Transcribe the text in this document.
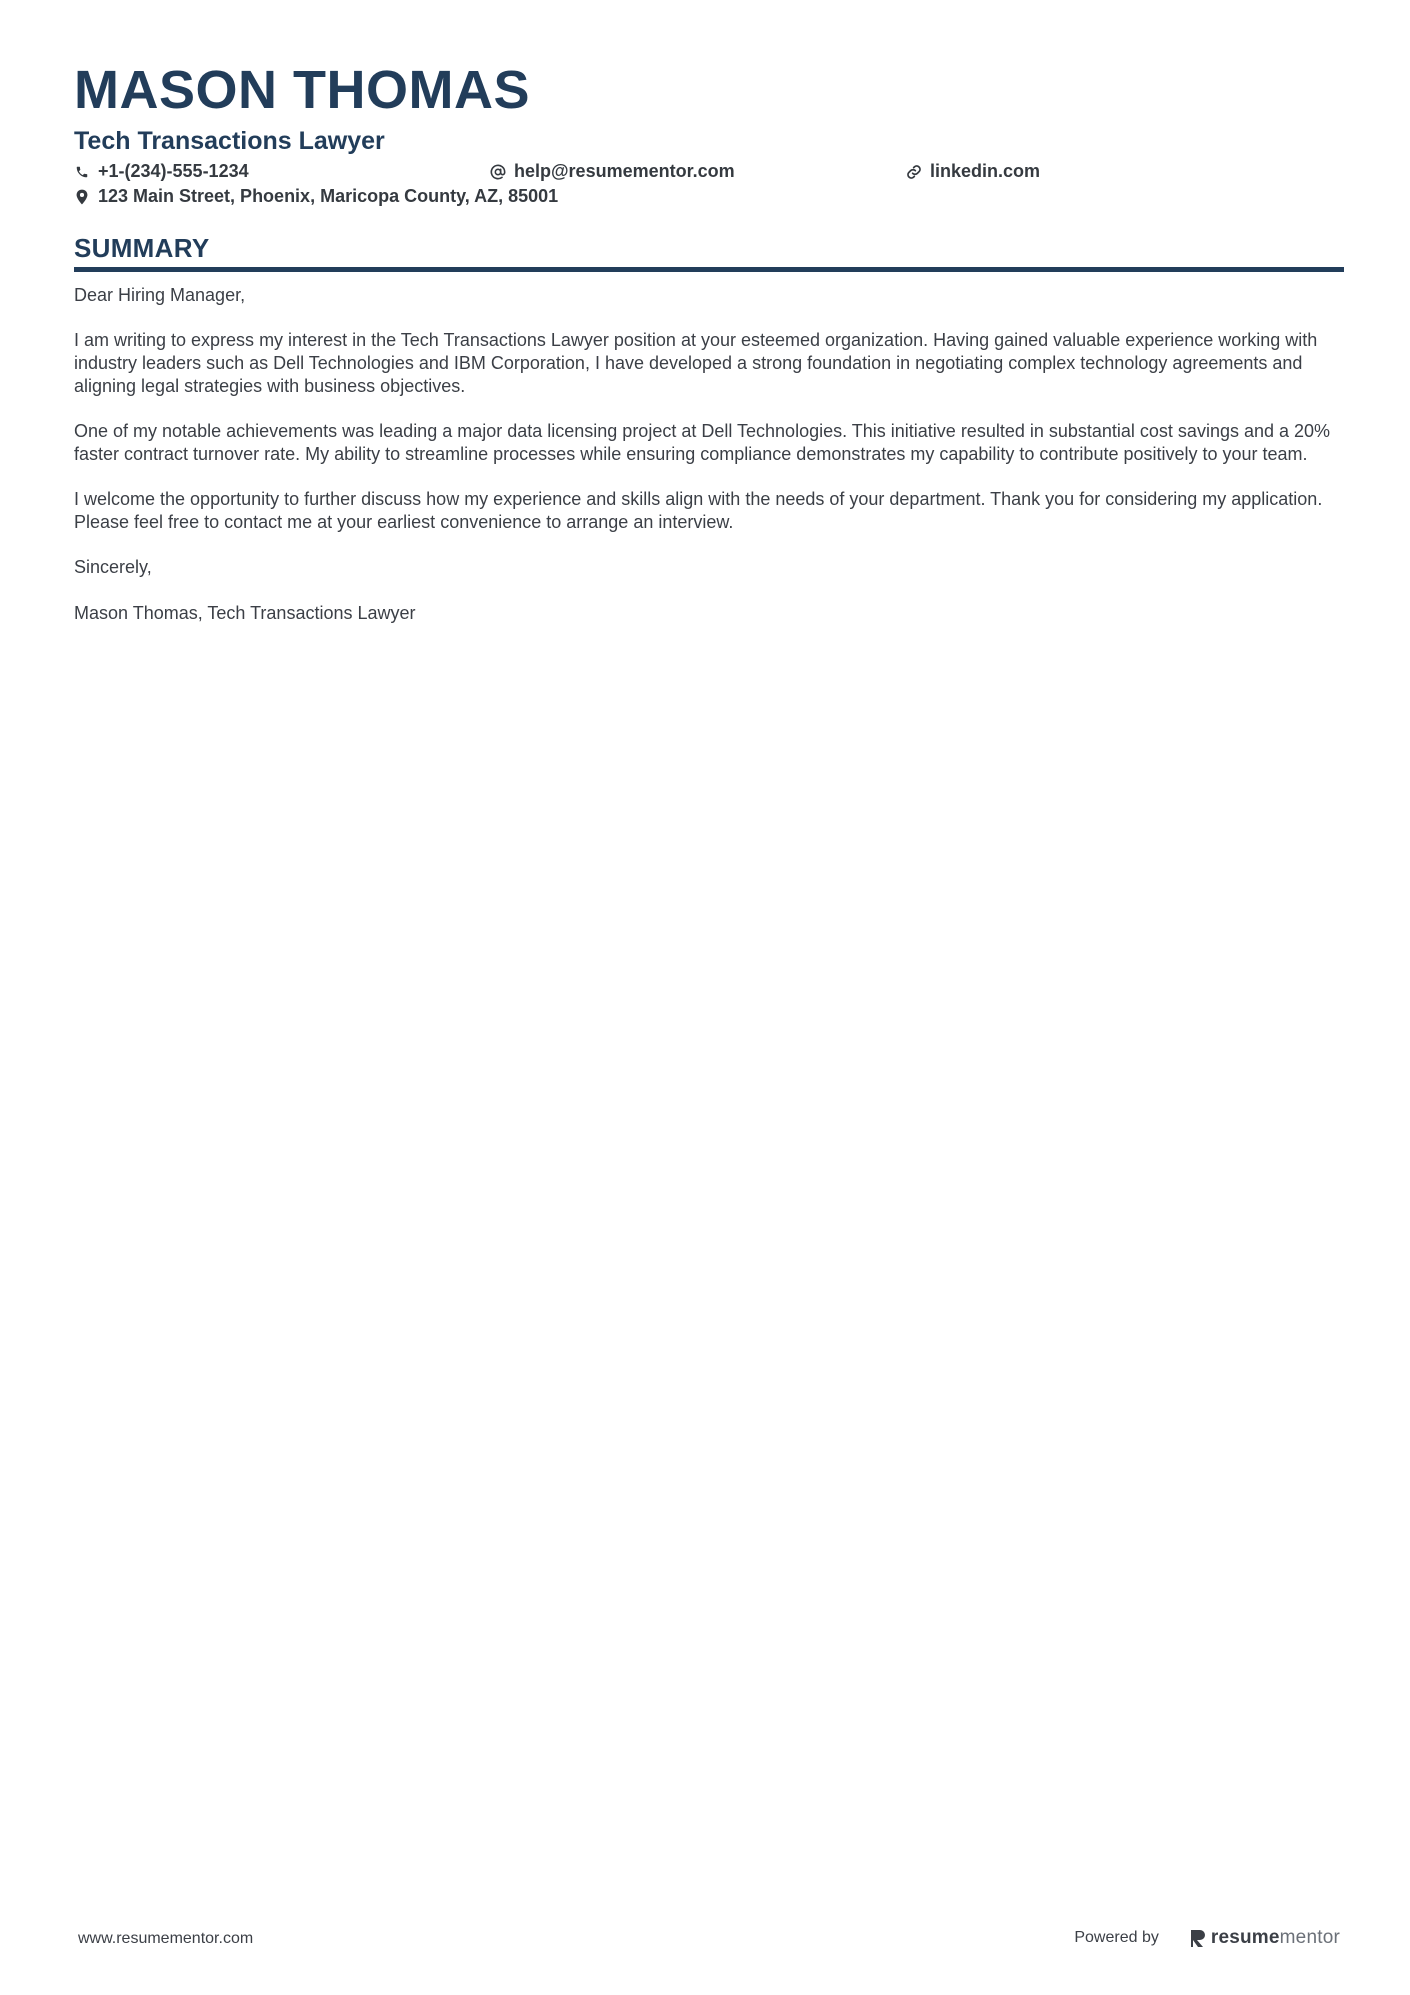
MASON THOMAS
Tech Transactions Lawyer
+1-(234)-555-1234	help@resumementor.com	linkedin.com
123 Main Street, Phoenix, Maricopa County, AZ, 85001
SUMMARY

Dear Hiring Manager,

I am writing to express my interest in the Tech Transactions Lawyer position at your esteemed organization. Having gained valuable experience working with industry leaders such as Dell Technologies and IBM Corporation, I have developed a strong foundation in negotiating complex technology agreements and aligning legal strategies with business objectives.

One of my notable achievements was leading a major data licensing project at Dell Technologies. This initiative resulted in substantial cost savings and a 20% faster contract turnover rate. My ability to streamline processes while ensuring compliance demonstrates my capability to contribute positively to your team.

I welcome the opportunity to further discuss how my experience and skills align with the needs of your department. Thank you for considering my application. Please feel free to contact me at your earliest convenience to arrange an interview.

Sincerely,

Mason Thomas, Tech Transactions Lawyer

www.resumementor.com	Powered by	resume mentor
